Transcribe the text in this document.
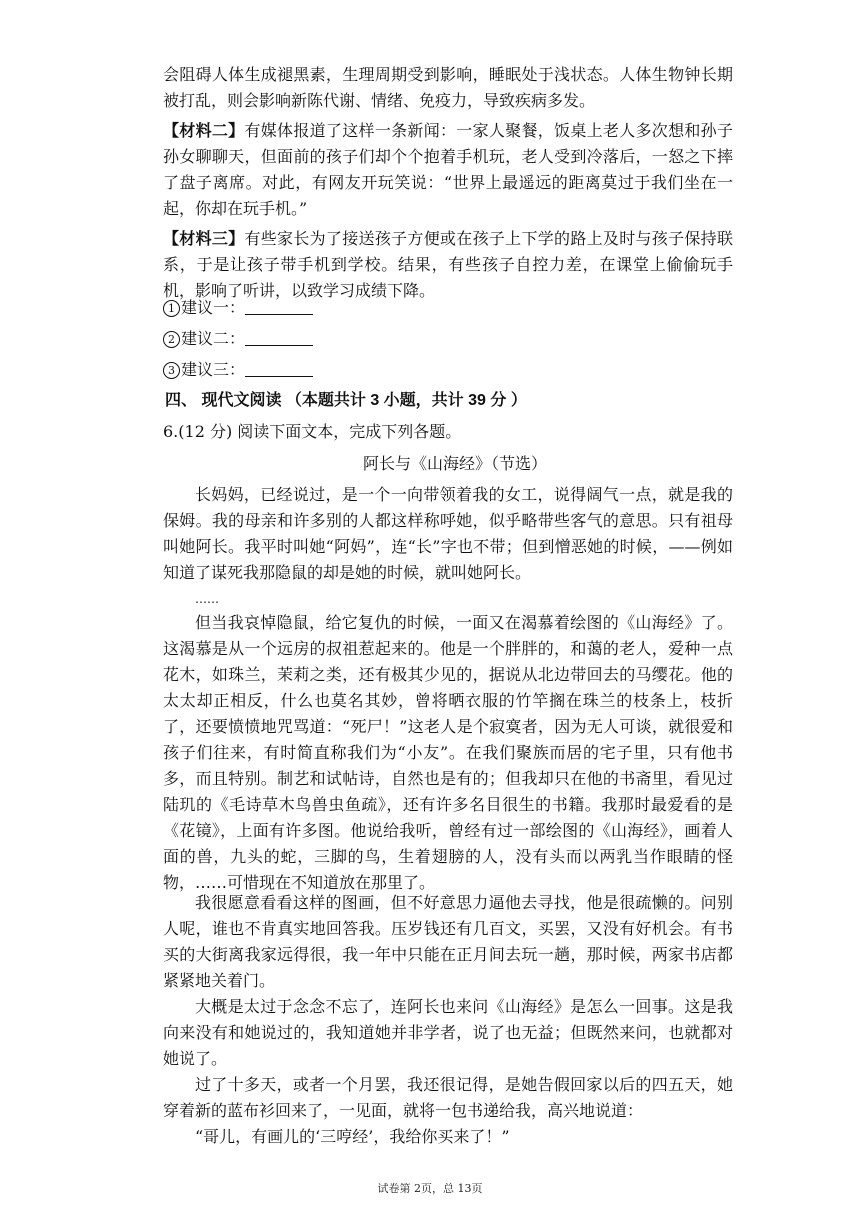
会阻碍人体生成褪黑素，生理周期受到影响，睡眠处于浅状态。人体生物钟长期被打乱，则会影响新陈代谢、情绪、免疫力，导致疾病多发。

【材料二】有媒体报道了这样一条新闻：一家人聚餐，饭桌上老人多次想和孙子孙女聊聊天，但面前的孩子们却个个抱着手机玩，老人受到冷落后，一怒之下摔了盘子离席。对此，有网友开玩笑说：“世界上最遥远的距离莫过于我们坐在一起，你却在玩手机。”

【材料三】有些家长为了接送孩子方便或在孩子上下学的路上及时与孩子保持联系，于是让孩子带手机到学校。结果，有些孩子自控力差，在课堂上偷偷玩手机，影响了听讲，以致学习成绩下降。

1 建议一：
2 建议二：
3 建议三：
四、 现代文阅读 （本题共计 3 小题，共计 39 分 ）
6.(12 分) 阅读下面文本，完成下列各题。
阿长与《山海经》（节选）

长妈妈，已经说过，是一个一向带领着我的女工，说得阔气一点，就是我的保姆。我的母亲和许多别的人都这样称呼她，似乎略带些客气的意思。只有祖母叫她阿长。我平时叫她“阿妈”，连“长”字也不带；但到憎恶她的时候，——例如知道了谋死我那隐鼠的却是她的时候，就叫她阿长。

……

但当我哀悼隐鼠，给它复仇的时候，一面又在渴慕着绘图的《山海经》了。这渴慕是从一个远房的叔祖惹起来的。他是一个胖胖的，和蔼的老人，爱种一点花木，如珠兰，茉莉之类，还有极其少见的，据说从北边带回去的马缨花。他的太太却正相反，什么也莫名其妙，曾将晒衣服的竹竿搁在珠兰的枝条上，枝折了，还要愤愤地咒骂道：“死尸！”这老人是个寂寞者，因为无人可谈，就很爱和孩子们往来，有时简直称我们为“小友”。在我们聚族而居的宅子里，只有他书多，而且特别。制艺和试帖诗，自然也是有的；但我却只在他的书斋里，看见过陆玑的《毛诗草木鸟兽虫鱼疏》，还有许多名目很生的书籍。我那时最爱看的是《花镜》，上面有许多图。他说给我听，曾经有过一部绘图的《山海经》，画着人面的兽，九头的蛇，三脚的鸟，生着翅膀的人，没有头而以两乳当作眼睛的怪物，……可惜现在不知道放在那里了。

我很愿意看看这样的图画，但不好意思力逼他去寻找，他是很疏懒的。问别人呢，谁也不肯真实地回答我。压岁钱还有几百文，买罢，又没有好机会。有书买的大街离我家远得很，我一年中只能在正月间去玩一趟，那时候，两家书店都紧紧地关着门。

大概是太过于念念不忘了，连阿长也来问《山海经》是怎么一回事。这是我向来没有和她说过的，我知道她并非学者，说了也无益；但既然来问，也就都对她说了。

过了十多天，或者一个月罢，我还很记得，是她告假回家以后的四五天，她穿着新的蓝布衫回来了，一见面，就将一包书递给我，高兴地说道：

“哥儿，有画儿的‘三哼经’，我给你买来了！”

试卷第 2页，总 13页
